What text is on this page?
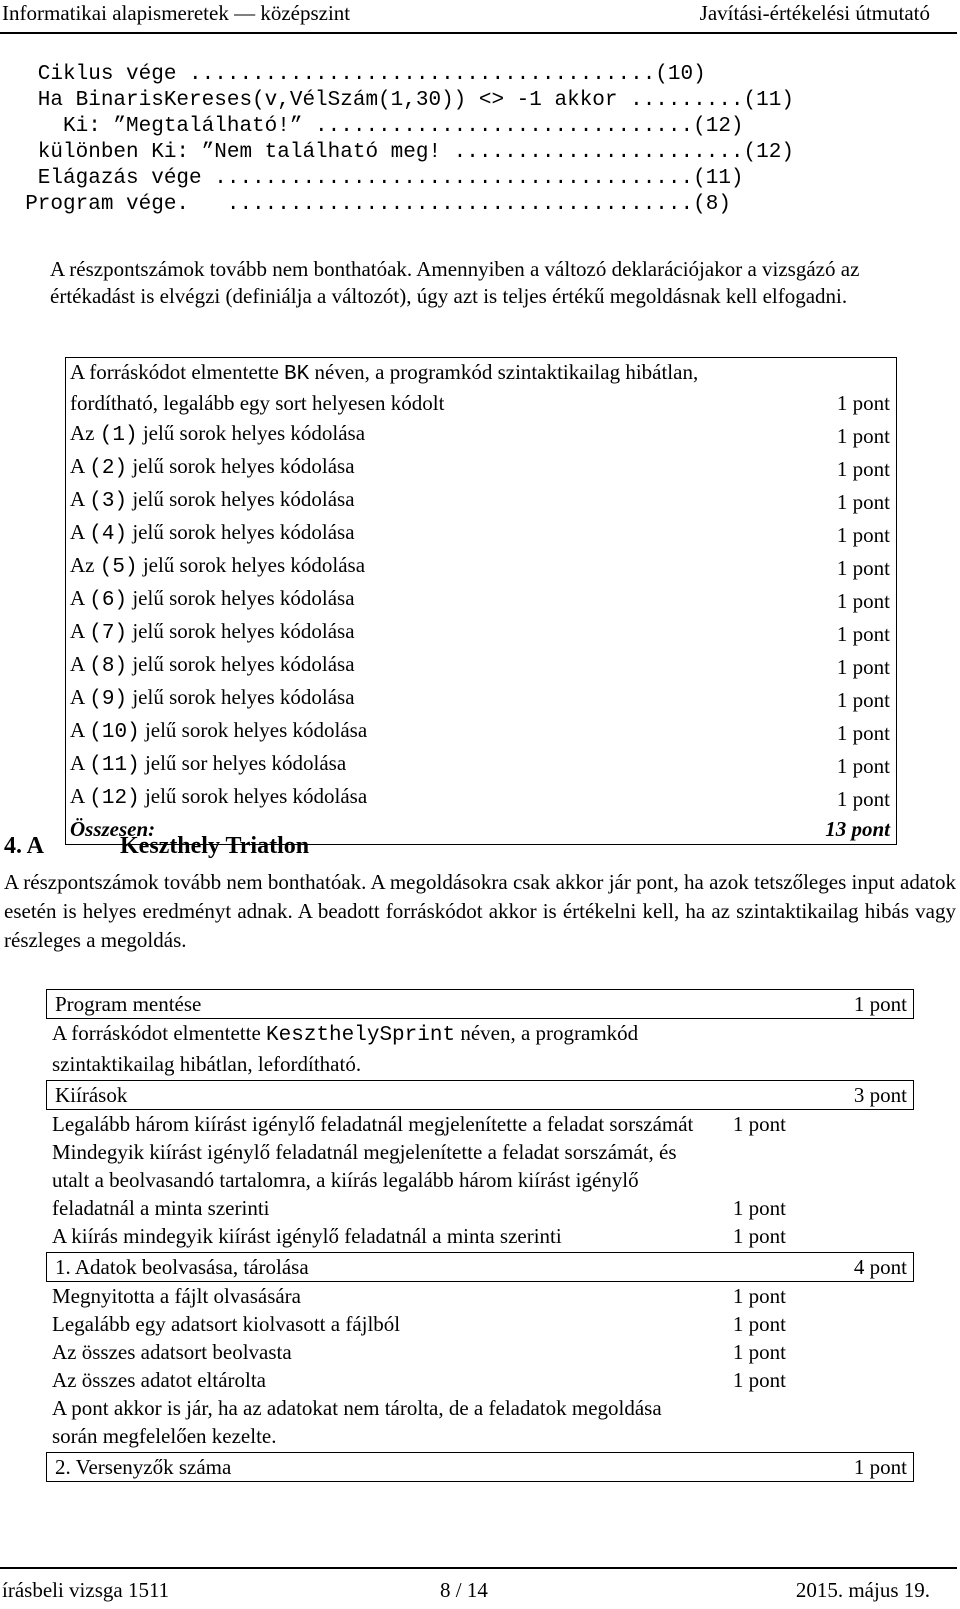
Informatikai alapismeretek — középszint	Javítási-értékelési útmutató
Ciklus vége .....................................(10)
Ha BinarisKereses(v,VélSzám(1,30)) <> -1 akkor .........(11)
Ki: ”Megtalálható!” ..............................(12)
különben Ki: ”Nem található meg! .......................(12)
Elágazás vége ......................................(11)
Program vége.   .....................................(8)
A részpontszámok tovább nem bonthatóak. Amennyiben a változó deklarációjakor a vizsgázó az értékadást is elvégzi (definiálja a változót), úgy azt is teljes értékű megoldásnak kell elfogadni.
A forráskódot elmentette BK néven, a programkód szintaktikailag hibátlan, fordítható, legalább egy sort helyesen kódolt	1 pont
Az (1) jelű sorok helyes kódolása	1 pont
A (2) jelű sorok helyes kódolása	1 pont
A (3) jelű sorok helyes kódolása	1 pont
A (4) jelű sorok helyes kódolása	1 pont
Az (5) jelű sorok helyes kódolása	1 pont
A (6) jelű sorok helyes kódolása	1 pont
A (7) jelű sorok helyes kódolása	1 pont
A (8) jelű sorok helyes kódolása	1 pont
A (9) jelű sorok helyes kódolása	1 pont
A (10) jelű sorok helyes kódolása	1 pont
A (11) jelű sor helyes kódolása	1 pont
A (12) jelű sorok helyes kódolása	1 pont
Összesen:	13 pont
4. A	Keszthely Triatlon
A részpontszámok tovább nem bonthatóak. A megoldásokra csak akkor jár pont, ha azok tetszőleges input adatok esetén is helyes eredményt adnak. A beadott forráskódot akkor is értékelni kell, ha az szintaktikailag hibás vagy részleges a megoldás.
Program mentése	1 pont
A forráskódot elmentette KeszthelySprint néven, a programkód szintaktikailag hibátlan, lefordítható.
Kiírások	3 pont
Legalább három kiírást igénylő feladatnál megjelenítette a feladat sorszámát	1 pont
Mindegyik kiírást igénylő feladatnál megjelenítette a feladat sorszámát, és utalt a beolvasandó tartalomra, a kiírás legalább három kiírást igénylő feladatnál a minta szerinti	1 pont
A kiírás mindegyik kiírást igénylő feladatnál a minta szerinti	1 pont
1. Adatok beolvasása, tárolása	4 pont
Megnyitotta a fájlt olvasására	1 pont
Legalább egy adatsort kiolvasott a fájlból	1 pont
Az összes adatsort beolvasta	1 pont
Az összes adatot eltárolta	1 pont
A pont akkor is jár, ha az adatokat nem tárolta, de a feladatok megoldása során megfelelően kezelte.
2. Versenyzők száma	1 pont
írásbeli vizsga 1511	8 / 14	2015. május 19.
